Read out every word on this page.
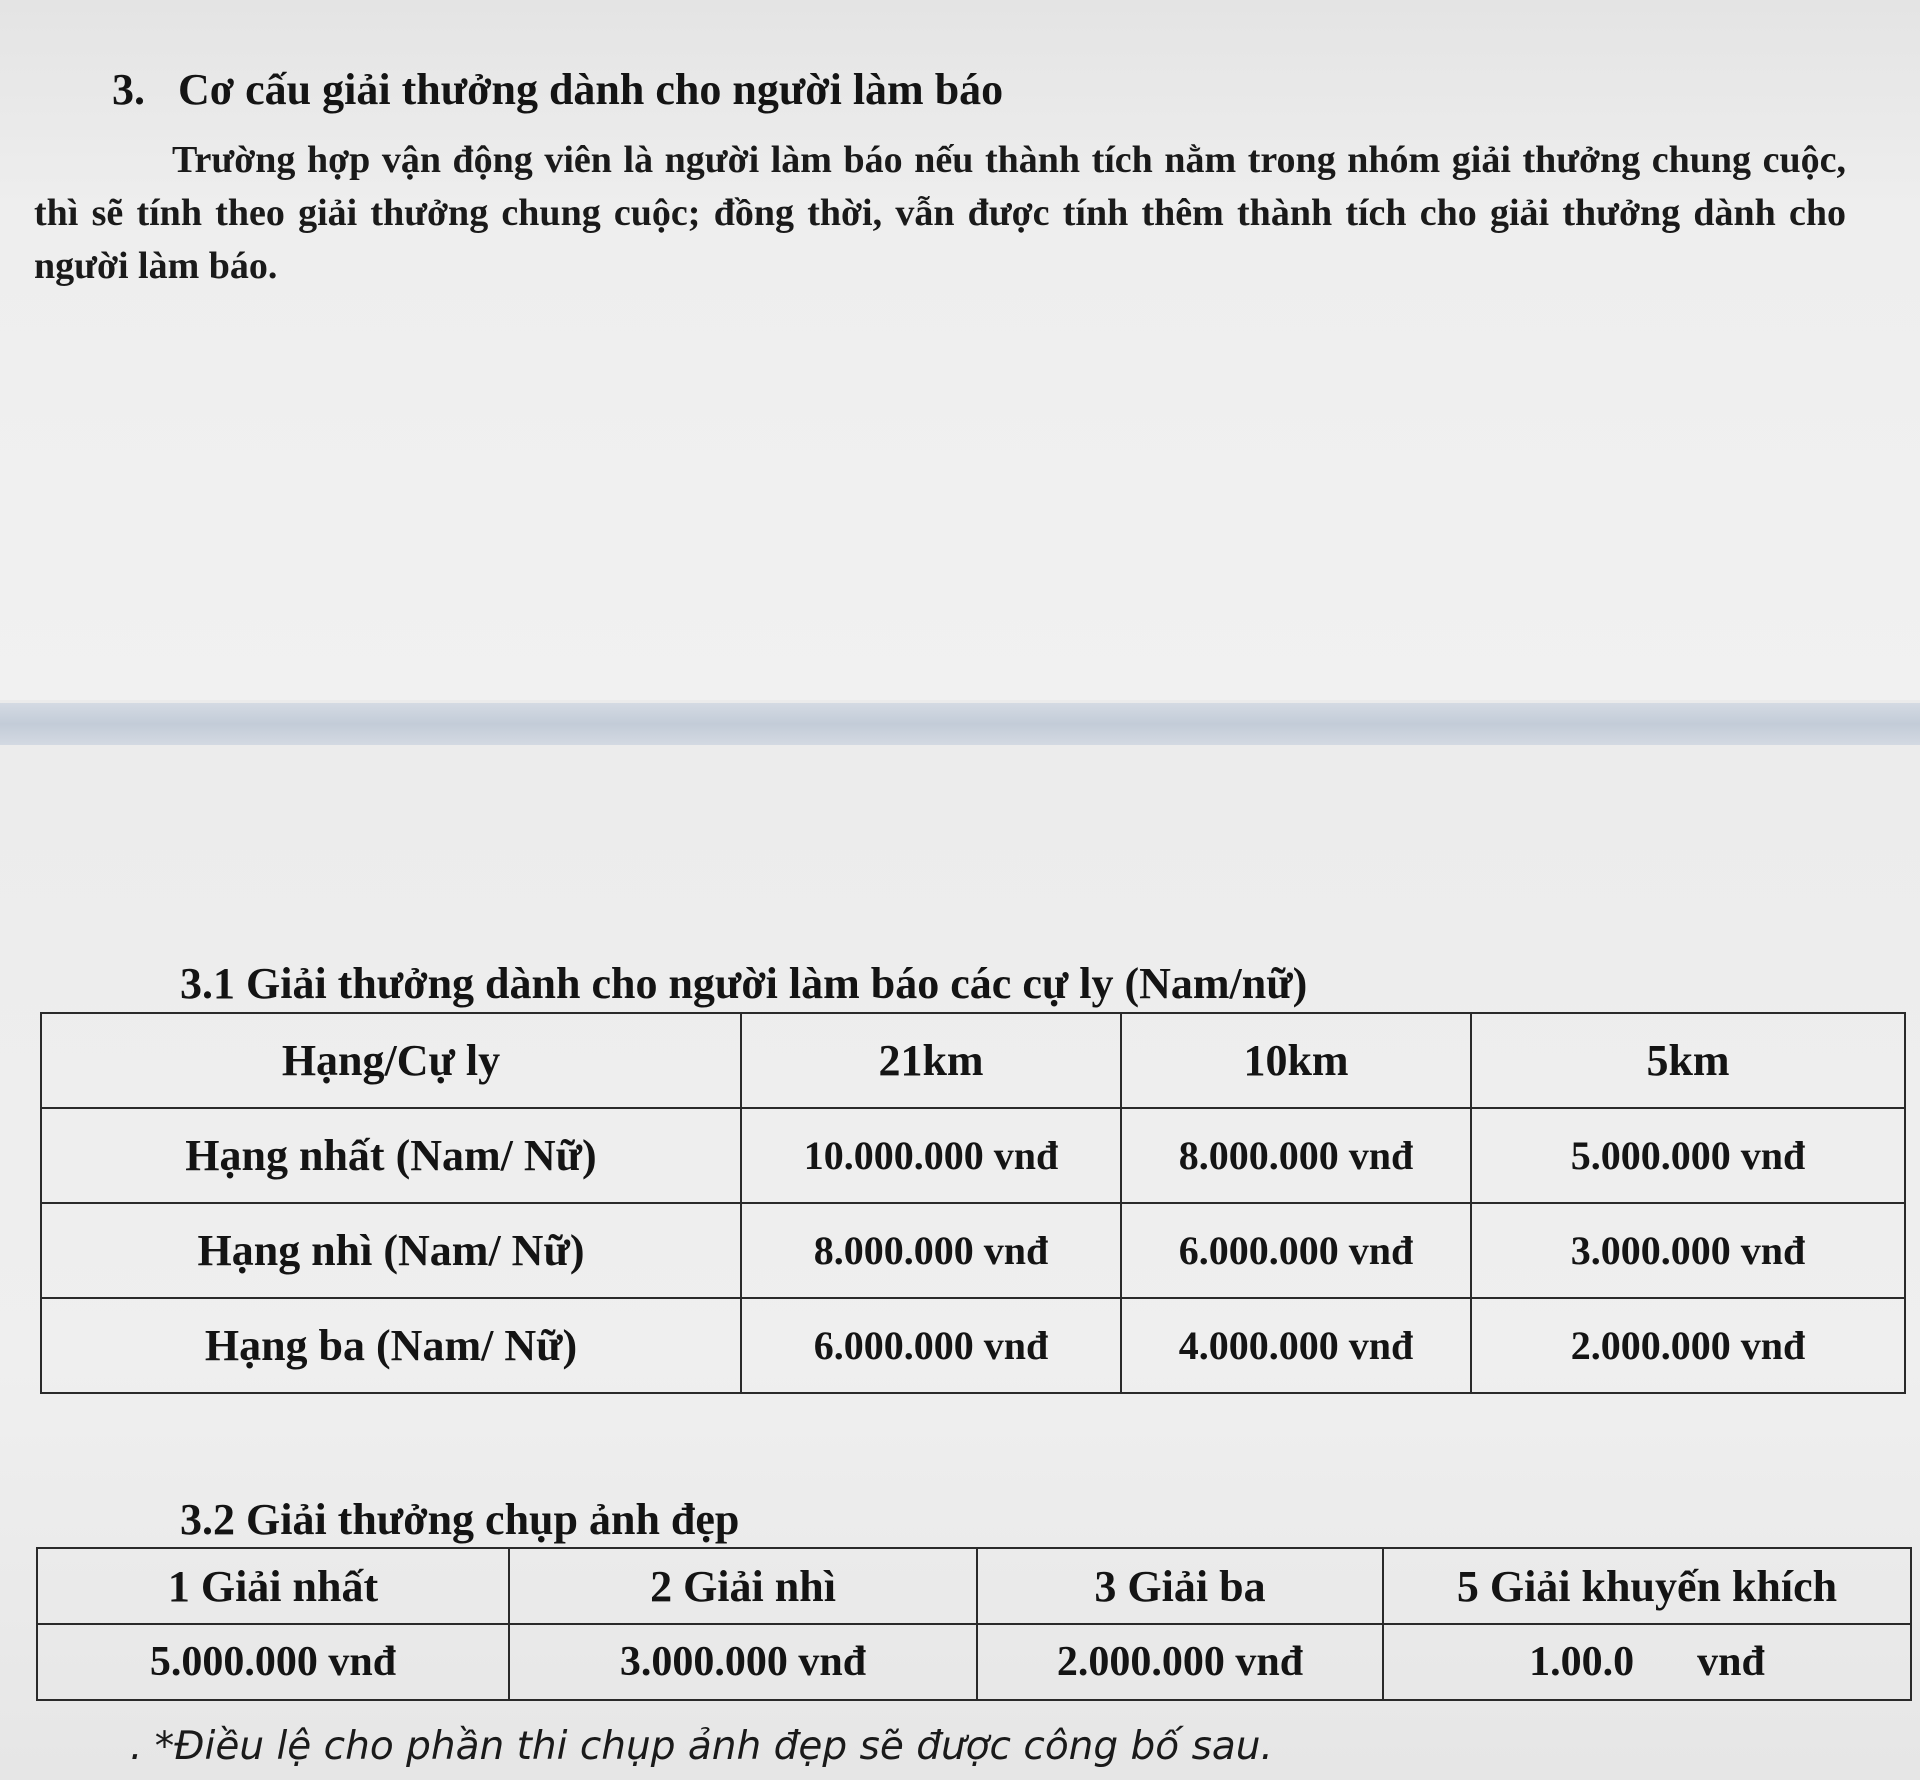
3. Cơ cấu giải thưởng dành cho người làm báo
Trường hợp vận động viên là người làm báo nếu thành tích nằm trong nhóm giải thưởng chung cuộc, thì sẽ tính theo giải thưởng chung cuộc; đồng thời, vẫn được tính thêm thành tích cho giải thưởng dành cho người làm báo.
3.1 Giải thưởng dành cho người làm báo các cự ly (Nam/nữ)
Hạng/Cự ly	21km	10km	5km
Hạng nhất (Nam/ Nữ)	10.000.000 vnđ	8.000.000 vnđ	5.000.000 vnđ
Hạng nhì (Nam/ Nữ)	8.000.000 vnđ	6.000.000 vnđ	3.000.000 vnđ
Hạng ba (Nam/ Nữ)	6.000.000 vnđ	4.000.000 vnđ	2.000.000 vnđ
3.2 Giải thưởng chụp ảnh đẹp
1 Giải nhất	2 Giải nhì	3 Giải ba	5 Giải khuyến khích
5.000.000 vnđ	3.000.000 vnđ	2.000.000 vnđ	1.00.0      vnđ
. *Điều lệ cho phần thi chụp ảnh đẹp sẽ được công bố sau.
